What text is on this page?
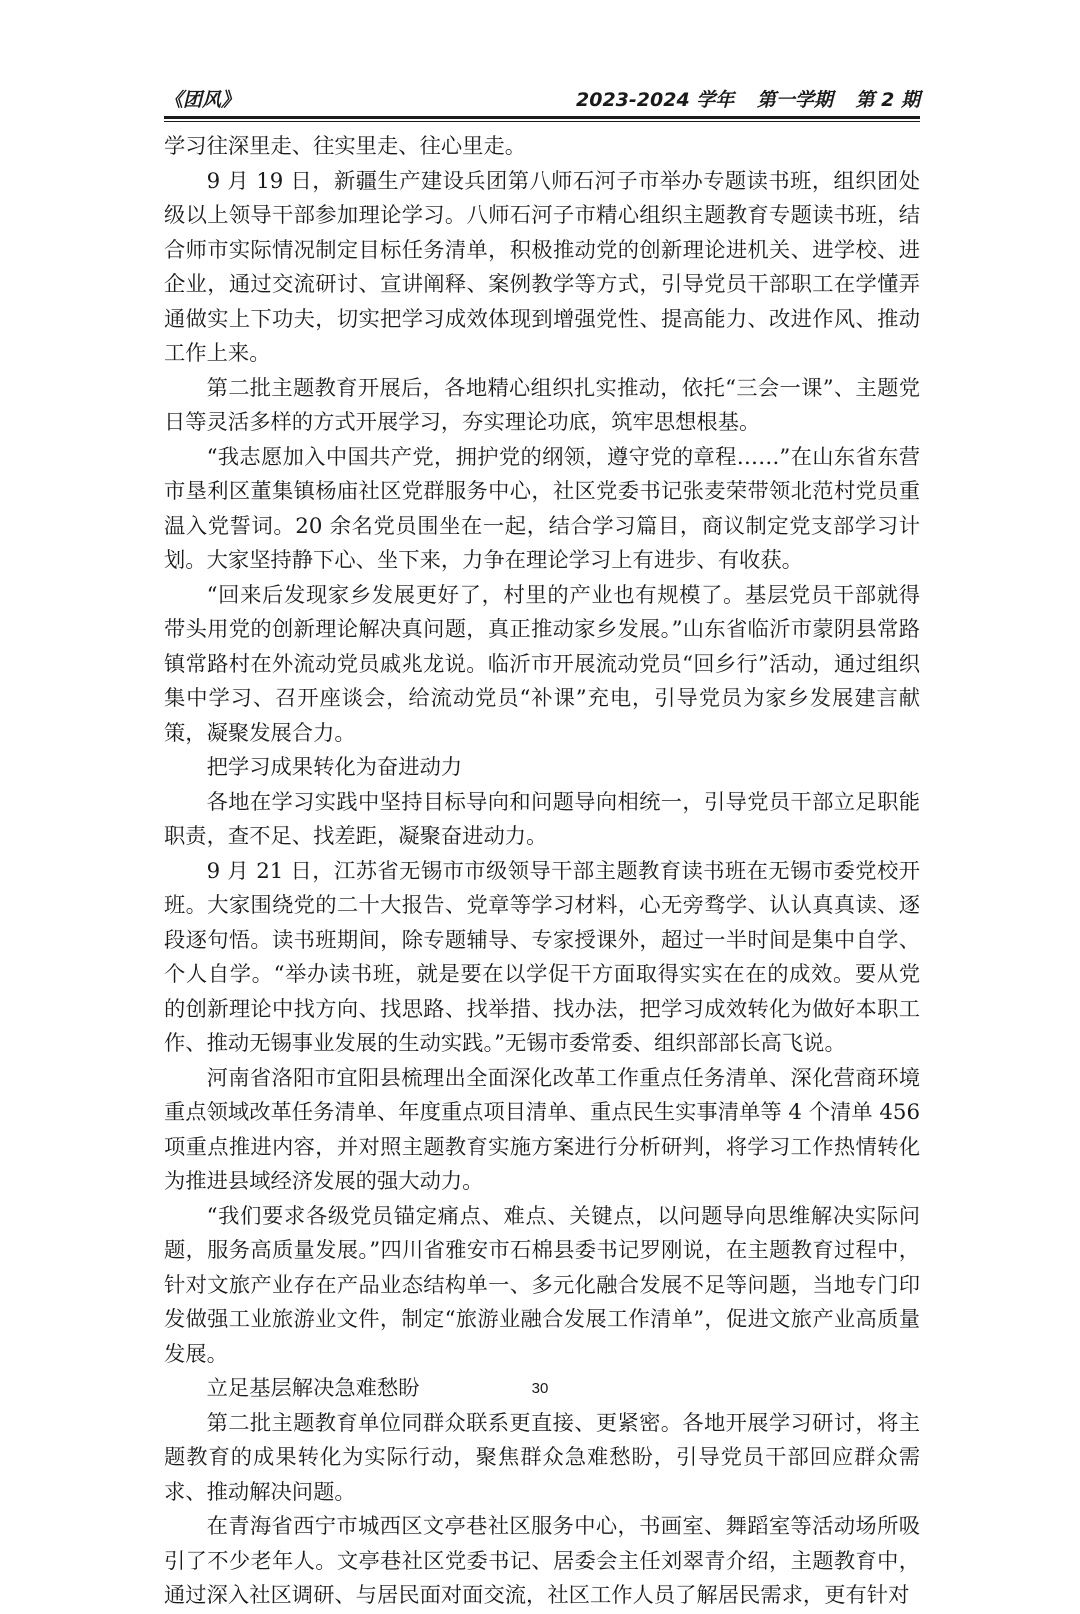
《团风》	2023-2024 学年 第一学期 第 2 期

学习往深里走、往实里走、往心里走。

9 月 19 日，新疆生产建设兵团第八师石河子市举办专题读书班，组织团处级以上领导干部参加理论学习。八师石河子市精心组织主题教育专题读书班，结合师市实际情况制定目标任务清单，积极推动党的创新理论进机关、进学校、进企业，通过交流研讨、宣讲阐释、案例教学等方式，引导党员干部职工在学懂弄通做实上下功夫，切实把学习成效体现到增强党性、提高能力、改进作风、推动工作上来。

第二批主题教育开展后，各地精心组织扎实推动，依托“三会一课”、主题党日等灵活多样的方式开展学习，夯实理论功底，筑牢思想根基。

“我志愿加入中国共产党，拥护党的纲领，遵守党的章程……”在山东省东营市垦利区董集镇杨庙社区党群服务中心，社区党委书记张麦荣带领北范村党员重温入党誓词。20 余名党员围坐在一起，结合学习篇目，商议制定党支部学习计划。大家坚持静下心、坐下来，力争在理论学习上有进步、有收获。

“回来后发现家乡发展更好了，村里的产业也有规模了。基层党员干部就得带头用党的创新理论解决真问题，真正推动家乡发展。”山东省临沂市蒙阴县常路镇常路村在外流动党员戚兆龙说。临沂市开展流动党员“回乡行”活动，通过组织集中学习、召开座谈会，给流动党员“补课”充电，引导党员为家乡发展建言献策，凝聚发展合力。

把学习成果转化为奋进动力

各地在学习实践中坚持目标导向和问题导向相统一，引导党员干部立足职能职责，查不足、找差距，凝聚奋进动力。

9 月 21 日，江苏省无锡市市级领导干部主题教育读书班在无锡市委党校开班。大家围绕党的二十大报告、党章等学习材料，心无旁骛学、认认真真读、逐段逐句悟。读书班期间，除专题辅导、专家授课外，超过一半时间是集中自学、个人自学。“举办读书班，就是要在以学促干方面取得实实在在的成效。要从党的创新理论中找方向、找思路、找举措、找办法，把学习成效转化为做好本职工作、推动无锡事业发展的生动实践。”无锡市委常委、组织部部长高飞说。

河南省洛阳市宜阳县梳理出全面深化改革工作重点任务清单、深化营商环境重点领域改革任务清单、年度重点项目清单、重点民生实事清单等 4 个清单 456 项重点推进内容，并对照主题教育实施方案进行分析研判，将学习工作热情转化为推进县域经济发展的强大动力。

“我们要求各级党员锚定痛点、难点、关键点，以问题导向思维解决实际问题，服务高质量发展。”四川省雅安市石棉县委书记罗刚说，在主题教育过程中，针对文旅产业存在产品业态结构单一、多元化融合发展不足等问题，当地专门印发做强工业旅游业文件，制定“旅游业融合发展工作清单”，促进文旅产业高质量发展。

立足基层解决急难愁盼

第二批主题教育单位同群众联系更直接、更紧密。各地开展学习研讨，将主题教育的成果转化为实际行动，聚焦群众急难愁盼，引导党员干部回应群众需求、推动解决问题。

在青海省西宁市城西区文亭巷社区服务中心，书画室、舞蹈室等活动场所吸引了不少老年人。文亭巷社区党委书记、居委会主任刘翠青介绍，主题教育中，通过深入社区调研、与居民面对面交流，社区工作人员了解居民需求，更有针对

30
